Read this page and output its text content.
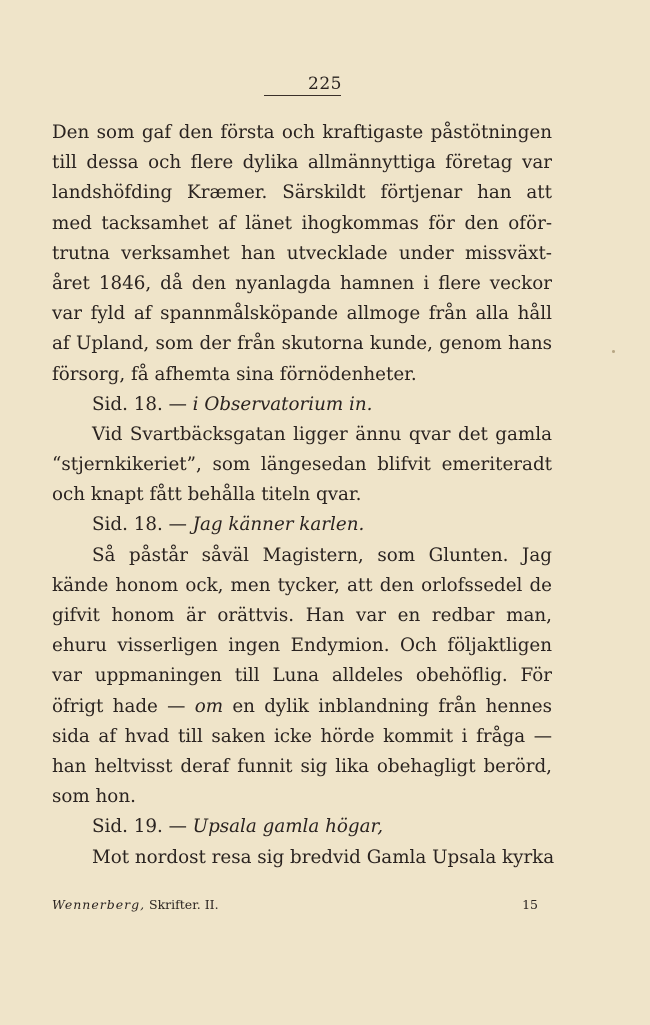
225
Den som gaf den första och kraftigaste påstötningen
till dessa och flere dylika allmännyttiga företag var
landshöfding Kræmer. Särskildt förtjenar han att
med tacksamhet af länet ihogkommas för den oför-
trutna verksamhet han utvecklade under missväxt-
året 1846, då den nyanlagda hamnen i flere veckor
var fyld af spannmålsköpande allmoge från alla håll
af Upland, som der från skutorna kunde, genom hans
försorg, få afhemta sina förnödenheter.
Sid. 18. — i Observatorium in.
Vid Svartbäcksgatan ligger ännu qvar det gamla
“stjernkikeriet”, som längesedan blifvit emeriteradt
och knapt fått behålla titeln qvar.
Sid. 18. — Jag känner karlen.
Så påstår såväl Magistern, som Glunten. Jag
kände honom ock, men tycker, att den orlofssedel de
gifvit honom är orättvis. Han var en redbar man,
ehuru visserligen ingen Endymion. Och följaktligen
var uppmaningen till Luna alldeles obehöflig. För
öfrigt hade — om en dylik inblandning från hennes
sida af hvad till saken icke hörde kommit i fråga —
han heltvisst deraf funnit sig lika obehagligt berörd,
som hon.
Sid. 19. — Upsala gamla högar,
Mot nordost resa sig bredvid Gamla Upsala kyrka
Wennerberg, Skrifter. II.	15
